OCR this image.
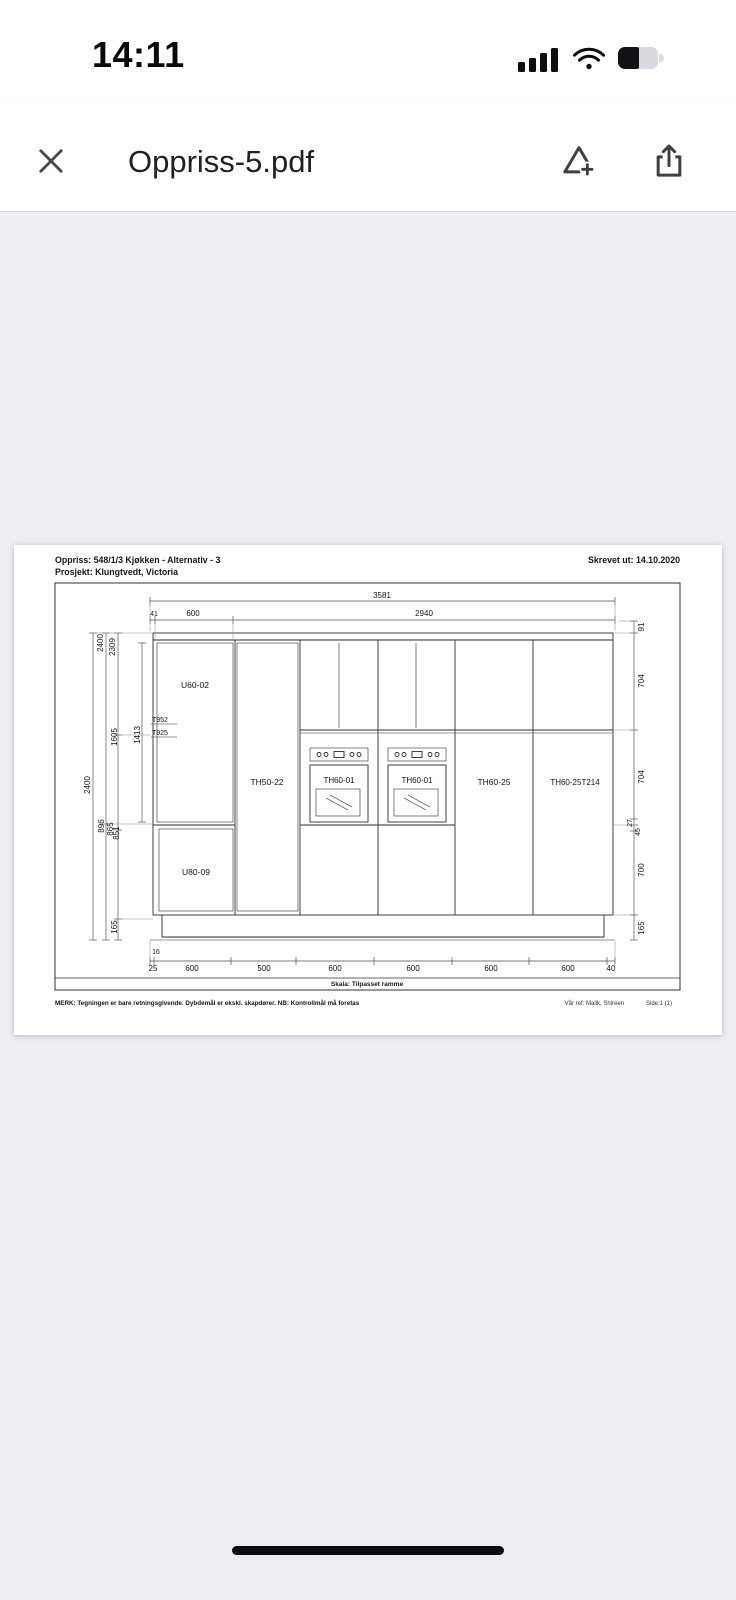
14:11
Oppriss-5.pdf
Oppriss: 548/1/3 Kjøkken - Alternativ - 3
Prosjekt: Klungtvedt, Victoria
Skrevet ut: 14.10.2020
Skala: Tilpasset ramme
3581
41	600	2940
2400
2400 2309
1605 1413
896 865
851
165
91
704
704
27
45
700
165
16
25	600	500	600	600	600	600	40
U60-02
T952
T925
TH50-22	TH60-01	TH60-01	TH60-25	TH60-25T214
U80-09
MERK: Tegningen er bare retningsgivende. Dybdemål er ekskl. skapdører. NB: Kontrollmål må foretas	Vår ref: Malik, Shireen	Side:1 (1)
